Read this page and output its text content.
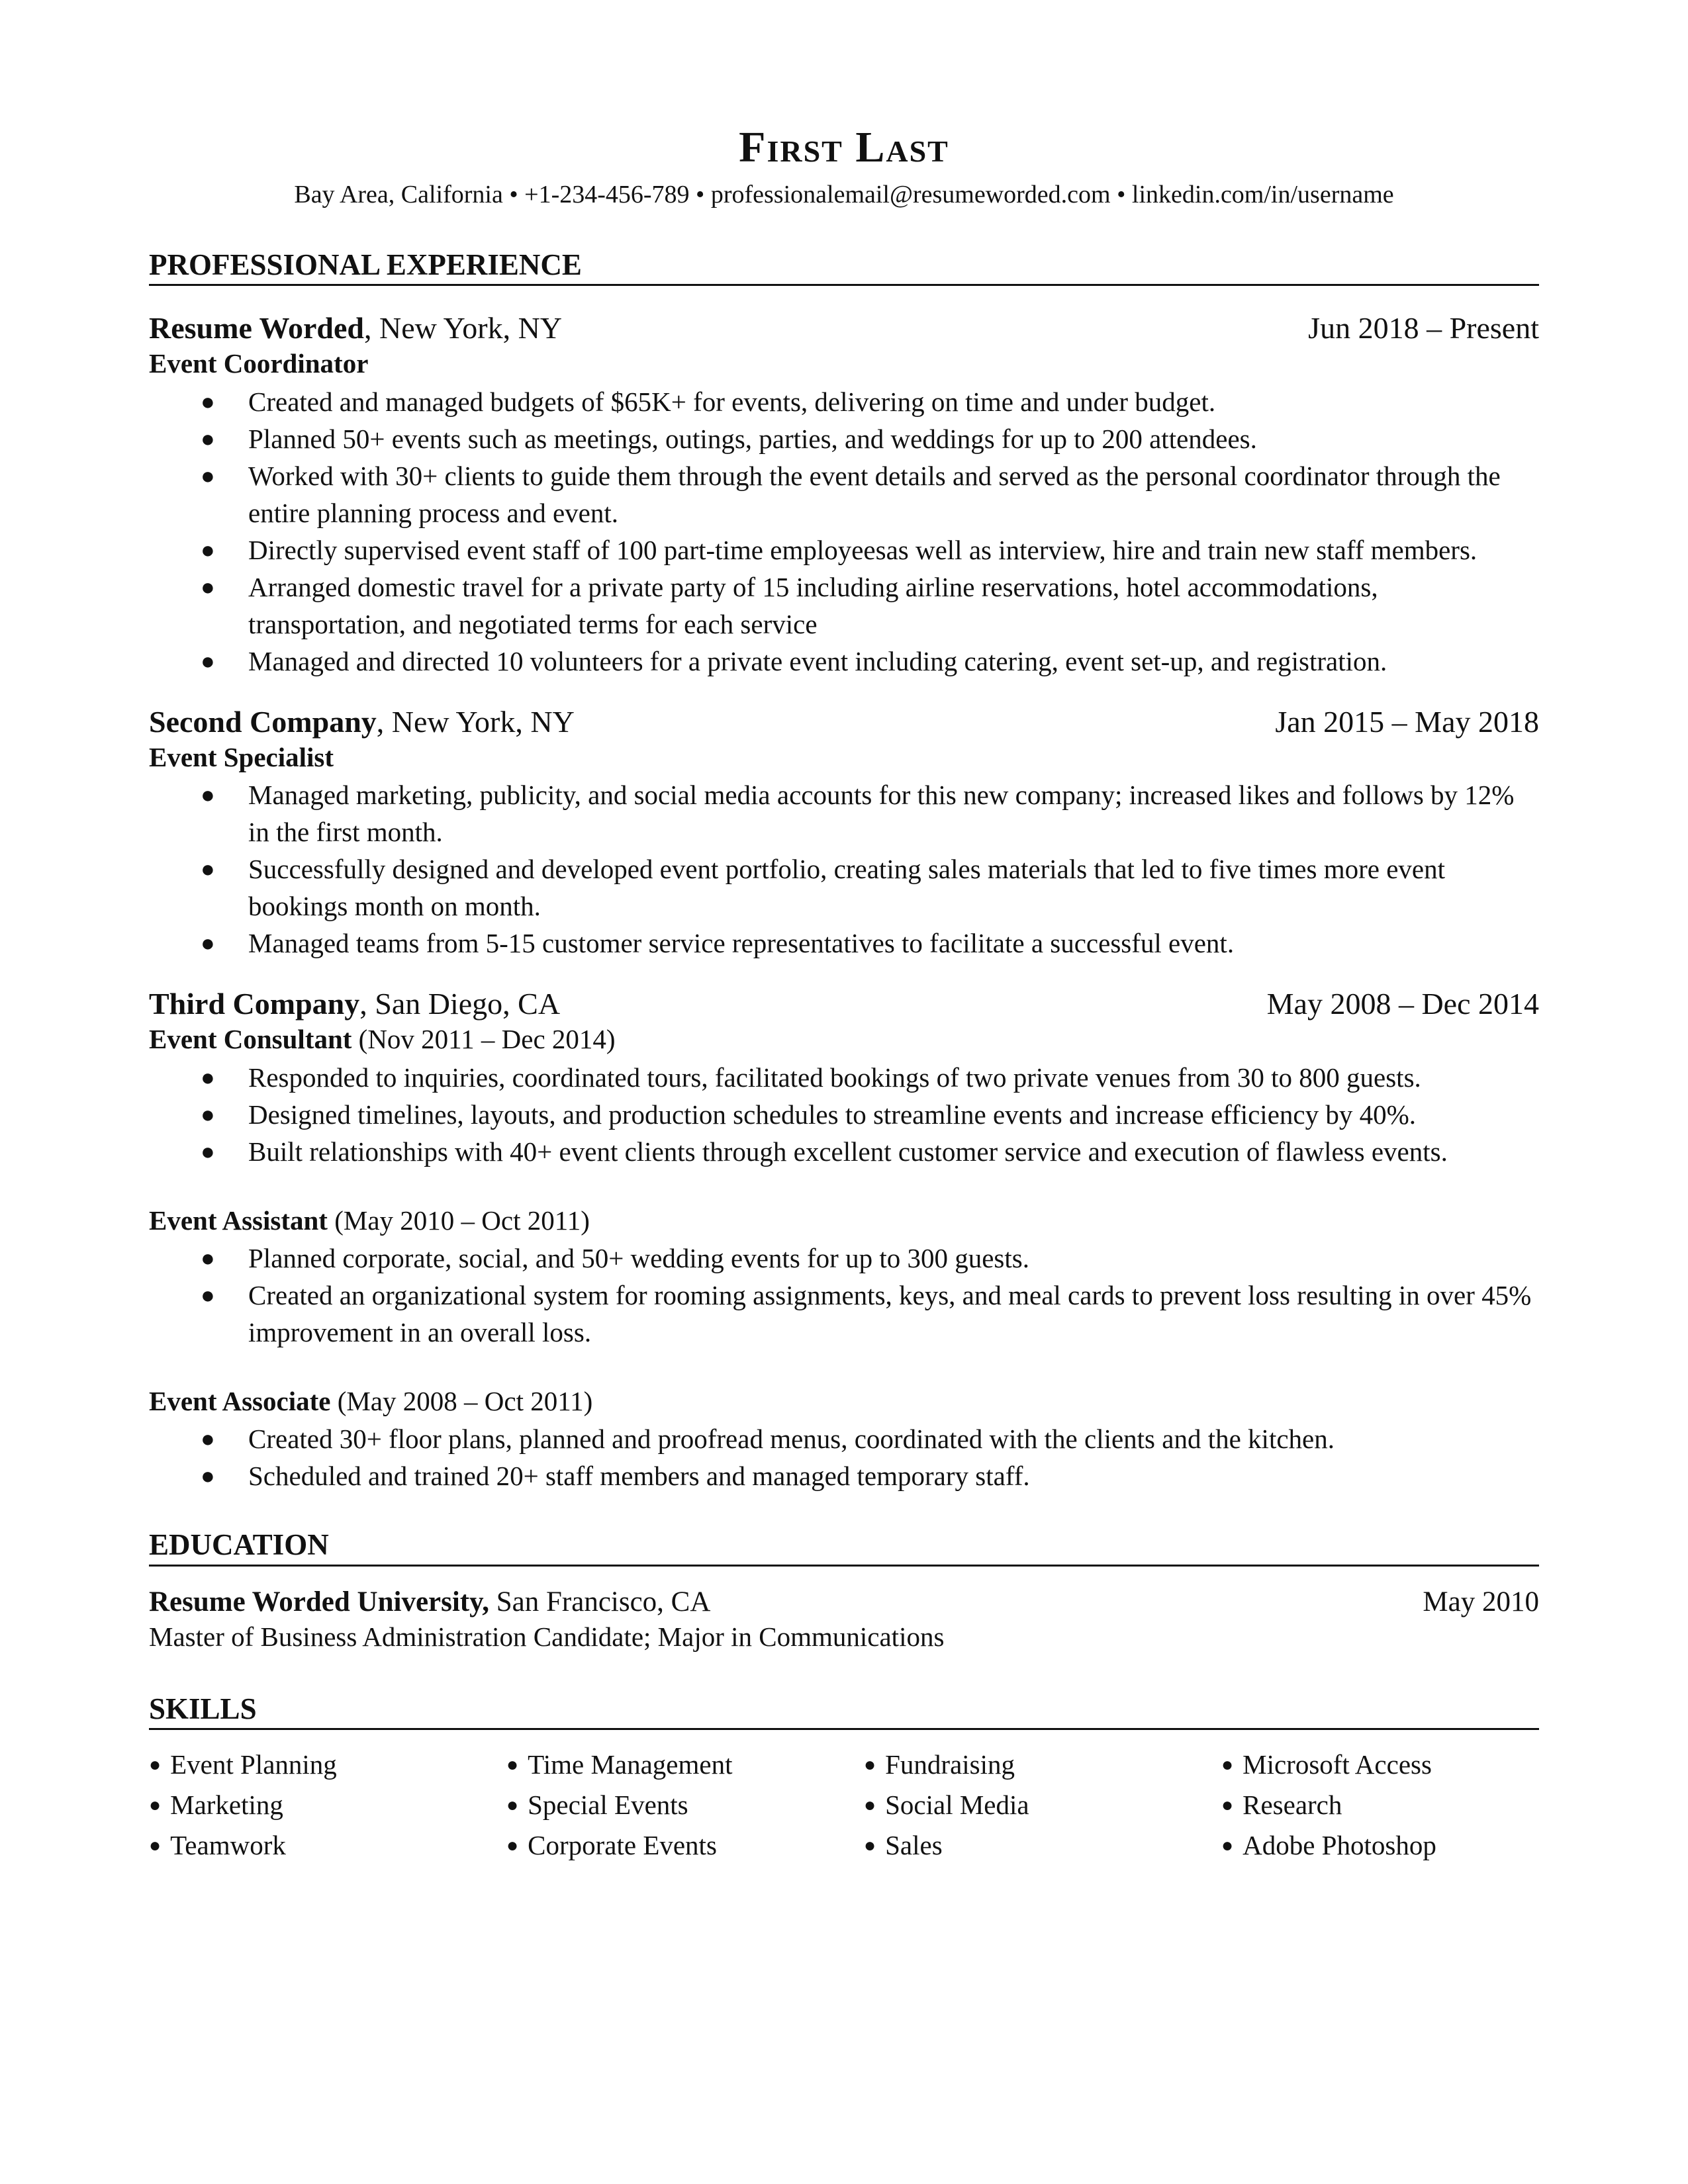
First Last
Bay Area, California • +1-234-456-789 • professionalemail@resumeworded.com • linkedin.com/in/username
PROFESSIONAL EXPERIENCE
Resume Worded, New York, NY	Jun 2018 – Present
Event Coordinator
● Created and managed budgets of $65K+ for events, delivering on time and under budget.
● Planned 50+ events such as meetings, outings, parties, and weddings for up to 200 attendees.
● Worked with 30+ clients to guide them through the event details and served as the personal coordinator through the entire planning process and event.
● Directly supervised event staff of 100 part-time employeesas well as interview, hire and train new staff members.
● Arranged domestic travel for a private party of 15 including airline reservations, hotel accommodations, transportation, and negotiated terms for each service
● Managed and directed 10 volunteers for a private event including catering, event set-up, and registration.
Second Company, New York, NY	Jan 2015 – May 2018
Event Specialist
● Managed marketing, publicity, and social media accounts for this new company; increased likes and follows by 12% in the first month.
● Successfully designed and developed event portfolio, creating sales materials that led to five times more event bookings month on month.
● Managed teams from 5-15 customer service representatives to facilitate a successful event.
Third Company, San Diego, CA	May 2008 – Dec 2014
Event Consultant (Nov 2011 – Dec 2014)
● Responded to inquiries, coordinated tours, facilitated bookings of two private venues from 30 to 800 guests.
● Designed timelines, layouts, and production schedules to streamline events and increase efficiency by 40%.
● Built relationships with 40+ event clients through excellent customer service and execution of flawless events.
Event Assistant (May 2010 – Oct 2011)
● Planned corporate, social, and 50+ wedding events for up to 300 guests.
● Created an organizational system for rooming assignments, keys, and meal cards to prevent loss resulting in over 45% improvement in an overall loss.
Event Associate (May 2008 – Oct 2011)
● Created 30+ floor plans, planned and proofread menus, coordinated with the clients and the kitchen.
● Scheduled and trained 20+ staff members and managed temporary staff.
EDUCATION
Resume Worded University, San Francisco, CA	May 2010
Master of Business Administration Candidate; Major in Communications
SKILLS
● Event Planning	● Time Management	● Fundraising	● Microsoft Access
● Marketing	● Special Events	● Social Media	● Research
● Teamwork	● Corporate Events	● Sales	● Adobe Photoshop
